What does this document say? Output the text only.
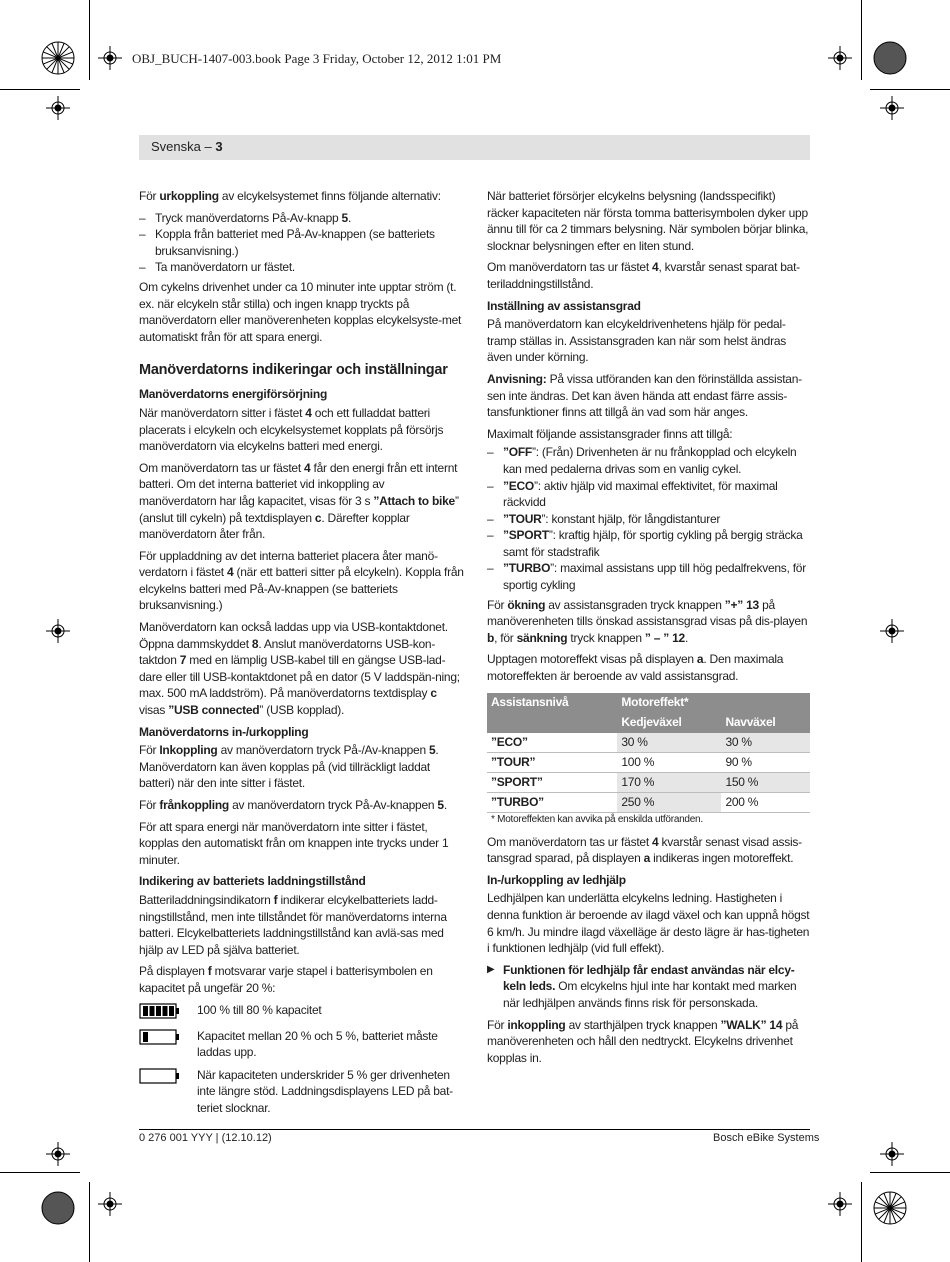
OBJ_BUCH-1407-003.book Page 3 Friday, October 12, 2012 1:01 PM
Svenska – 3

För urkoppling av elcykelsystemet finns följande alternativ:

– Tryck manöverdatorns På-Av-knapp 5.
– Koppla från batteriet med På-Av-knappen (se batteriets bruksanvisning.)
– Ta manöverdatorn ur fästet.

Om cykelns drivenhet under ca 10 minuter inte upptar ström (t. ex. när elcykeln står stilla) och ingen knapp tryckts på manöverdatorn eller manöverenheten kopplas elcykelsyste-met automatiskt från för att spara energi.

Manöverdatorns indikeringar och inställningar
Manöverdatorns energiförsörjning

När manöverdatorn sitter i fästet 4 och ett fulladdat batteri placerats i elcykeln och elcykelsystemet kopplats på försörjs manöverdatorn via elcykelns batteri med energi.

Om manöverdatorn tas ur fästet 4 får den energi från ett internt batteri. Om det interna batteriet vid inkoppling av manöverdatorn har låg kapacitet, visas för 3 s ”Attach to bike” (anslut till cykeln) på textdisplayen c. Därefter kopplar manöverdatorn åter från.

För uppladdning av det interna batteriet placera åter manö-verdatorn i fästet 4 (när ett batteri sitter på elcykeln). Koppla från elcykelns batteri med På-Av-knappen (se batteriets bruksanvisning.)

Manöverdatorn kan också laddas upp via USB-kontaktdonet. Öppna dammskyddet 8. Anslut manöverdatorns USB-kon-taktdon 7 med en lämplig USB-kabel till en gängse USB-lad-dare eller till USB-kontaktdonet på en dator (5 V laddspän-ning; max. 500 mA laddström). På manöverdatorns textdisplay c visas ”USB connected” (USB kopplad).

Manöverdatorns in-/urkoppling

För Inkoppling av manöverdatorn tryck På-/Av-knappen 5. Manöverdatorn kan även kopplas på (vid tillräckligt laddat batteri) när den inte sitter i fästet.

För frånkoppling av manöverdatorn tryck På-Av-knappen 5.

För att spara energi när manöverdatorn inte sitter i fästet, kopplas den automatiskt från om knappen inte trycks under 1 minuter.

Indikering av batteriets laddningstillstånd

Batteriladdningsindikatorn f indikerar elcykelbatteriets ladd-ningstillstånd, men inte tillståndet för manöverdatorns interna batteri. Elcykelbatteriets laddningstillstånd kan avlä-sas med hjälp av LED på själva batteriet.

På displayen f motsvarar varje stapel i batterisymbolen en kapacitet på ungefär 20 %:

100 % till 80 % kapacitet
Kapacitet mellan 20 % och 5 %, batteriet måste laddas upp.
När kapaciteten underskrider 5 % ger drivenheten inte längre stöd. Laddningsdisplayens LED på bat-teriet slocknar.

När batteriet försörjer elcykelns belysning (landsspecifikt) räcker kapaciteten när första tomma batterisymbolen dyker upp ännu till för ca 2 timmars belysning. När symbolen börjar blinka, slocknar belysningen efter en liten stund.

Om manöverdatorn tas ur fästet 4, kvarstår senast sparat bat-teriladdningstillstånd.

Inställning av assistansgrad

På manöverdatorn kan elcykeldrivenhetens hjälp för pedal-tramp ställas in. Assistansgraden kan när som helst ändras även under körning.

Anvisning: På vissa utföranden kan den förinställda assistan-sen inte ändras. Det kan även hända att endast färre assis-tansfunktioner finns att tillgå än vad som här anges.

Maximalt följande assistansgrader finns att tillgå:

– ”OFF”: (Från) Drivenheten är nu frånkopplad och elcykeln kan med pedalerna drivas som en vanlig cykel.
– ”ECO”: aktiv hjälp vid maximal effektivitet, för maximal räckvidd
– ”TOUR”: konstant hjälp, för långdistanturer
– ”SPORT”: kraftig hjälp, för sportig cykling på bergig sträcka samt för stadstrafik
– ”TURBO”: maximal assistans upp till hög pedalfrekvens, för sportig cykling

För ökning av assistansgraden tryck knappen ”+” 13 på manöverenheten tills önskad assistansgrad visas på dis-playen b, för sänkning tryck knappen ” – ” 12.

Upptagen motoreffekt visas på displayen a. Den maximala motoreffekten är beroende av vald assistansgrad.

Assistansnivå	Motoreffekt*	
	Kedjeväxel	Navväxel
”ECO”	30 %	30 %
”TOUR”	100 %	90 %
”SPORT”	170 %	150 %
”TURBO”	250 %	200 %
* Motoreffekten kan avvika på enskilda utföranden.

Om manöverdatorn tas ur fästet 4 kvarstår senast visad assis-tansgrad sparad, på displayen a indikeras ingen motoreffekt.

In-/urkoppling av ledhjälp

Ledhjälpen kan underlätta elcykelns ledning. Hastigheten i denna funktion är beroende av ilagd växel och kan uppnå högst 6 km/h. Ju mindre ilagd växelläge är desto lägre är has-tigheten i funktionen ledhjälp (vid full effekt).

▶ Funktionen för ledhjälp får endast användas när elcy-keln leds. Om elcykelns hjul inte har kontakt med marken när ledhjälpen används finns risk för personskada.

För inkoppling av starthjälpen tryck knappen ”WALK” 14 på manöverenheten och håll den nedtryckt. Elcykelns drivenhet kopplas in.

0 276 001 YYY | (12.10.12)	Bosch eBike Systems
